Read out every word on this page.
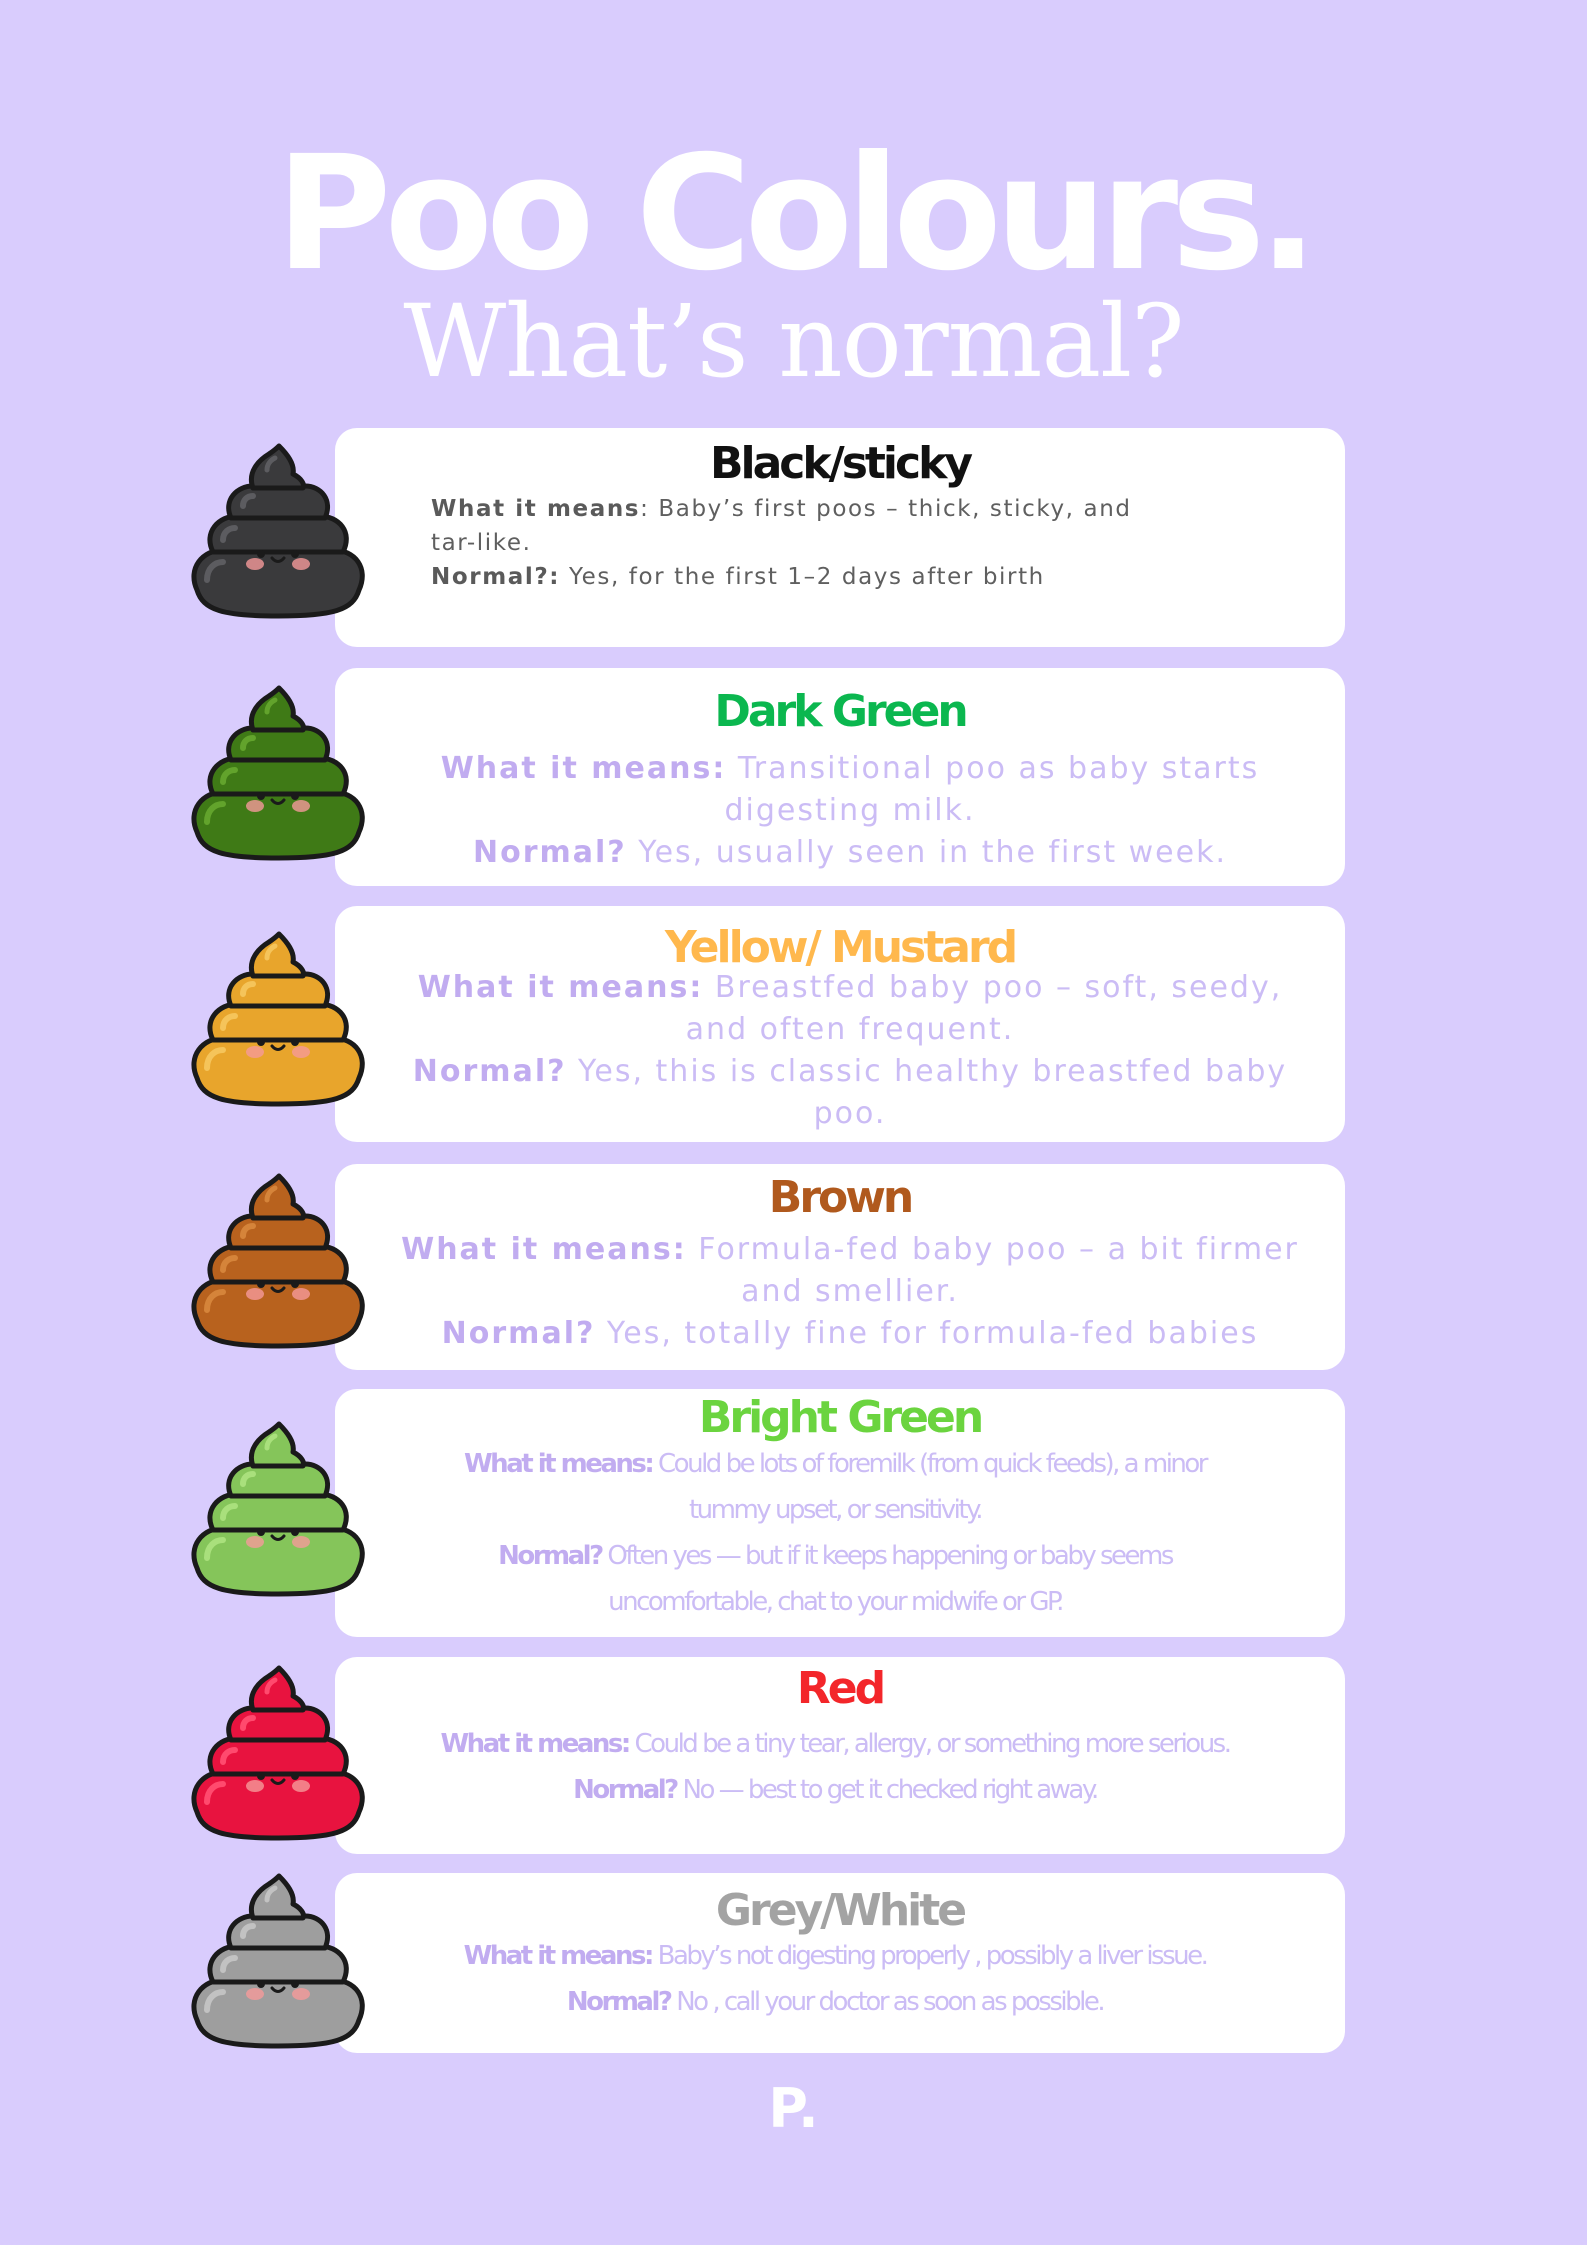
Poo Colours.
What’s normal?
Black/sticky
What it means: Baby’s first poos – thick, sticky, and tar-like.
Normal?: Yes, for the first 1–2 days after birth
Dark Green
What it means: Transitional poo as baby starts digesting milk.
Normal? Yes, usually seen in the first week.
Yellow/ Mustard
What it means: Breastfed baby poo – soft, seedy, and often frequent.
Normal? Yes, this is classic healthy breastfed baby poo.
Brown
What it means: Formula-fed baby poo – a bit firmer and smellier.
Normal? Yes, totally fine for formula-fed babies
Bright Green
What it means: Could be lots of foremilk (from quick feeds), a minor tummy upset, or sensitivity.
Normal? Often yes — but if it keeps happening or baby seems uncomfortable, chat to your midwife or GP.
Red
What it means: Could be a tiny tear, allergy, or something more serious.
Normal? No — best to get it checked right away.
Grey/White
What it means: Baby’s not digesting properly , possibly a liver issue.
Normal? No , call your doctor as soon as possible.
P.
